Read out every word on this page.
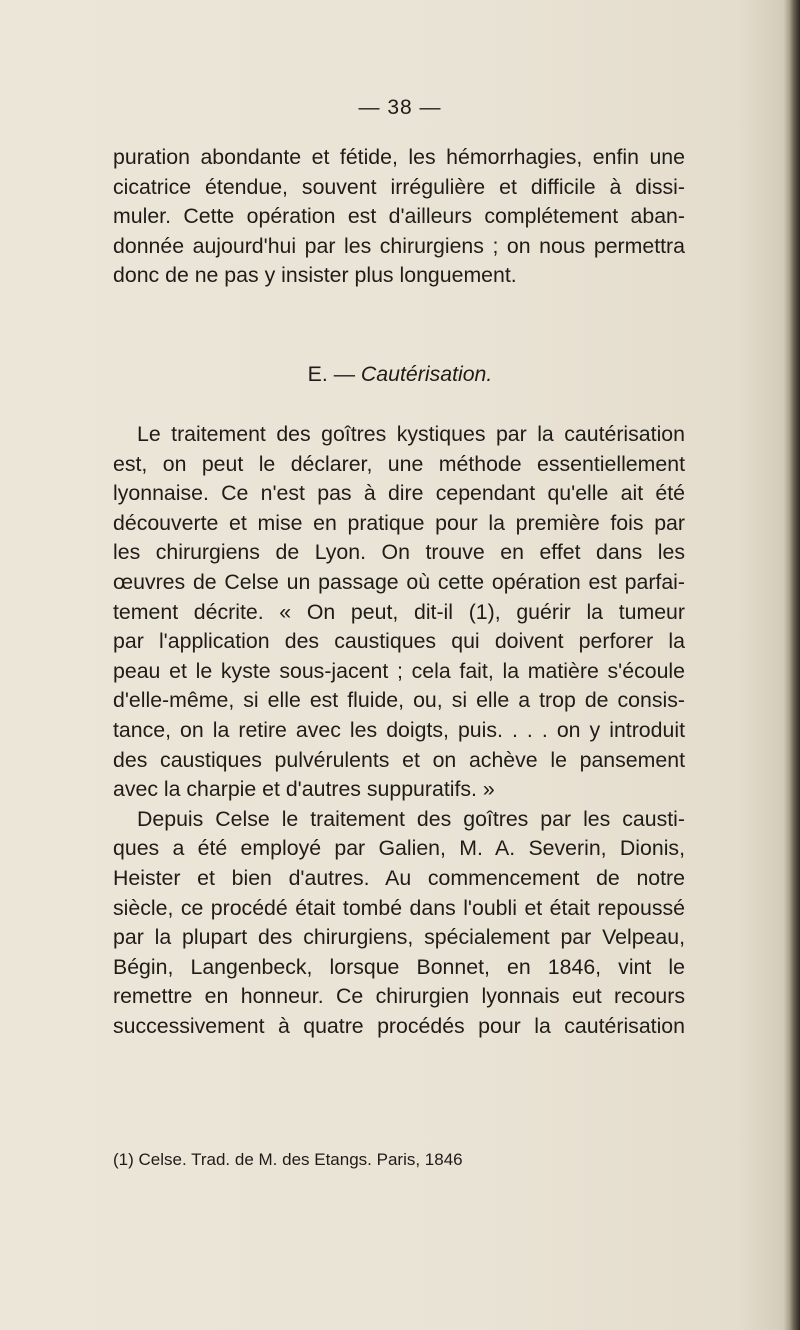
— 38 —

puration abondante et fétide, les hémorrhagies, enfin une
cicatrice étendue, souvent irrégulière et difficile à dissi-
muler. Cette opération est d'ailleurs complétement aban-
donnée aujourd'hui par les chirurgiens ; on nous permettra
donc de ne pas y insister plus longuement.

E. — Cautérisation.

Le traitement des goîtres kystiques par la cautérisation
est, on peut le déclarer, une méthode essentiellement
lyonnaise. Ce n'est pas à dire cependant qu'elle ait été
découverte et mise en pratique pour la première fois par
les chirurgiens de Lyon. On trouve en effet dans les
œuvres de Celse un passage où cette opération est parfai-
tement décrite. « On peut, dit-il (1), guérir la tumeur
par l'application des caustiques qui doivent perforer la
peau et le kyste sous-jacent ; cela fait, la matière s'écoule
d'elle-même, si elle est fluide, ou, si elle a trop de consis-
tance, on la retire avec les doigts, puis. . . . on y introduit
des caustiques pulvérulents et on achève le pansement
avec la charpie et d'autres suppuratifs. »
Depuis Celse le traitement des goîtres par les causti-
ques a été employé par Galien, M. A. Severin, Dionis,
Heister et bien d'autres. Au commencement de notre
siècle, ce procédé était tombé dans l'oubli et était repoussé
par la plupart des chirurgiens, spécialement par Velpeau,
Bégin, Langenbeck, lorsque Bonnet, en 1846, vint le
remettre en honneur. Ce chirurgien lyonnais eut recours
successivement à quatre procédés pour la cautérisation

(1) Celse. Trad. de M. des Etangs. Paris, 1846
